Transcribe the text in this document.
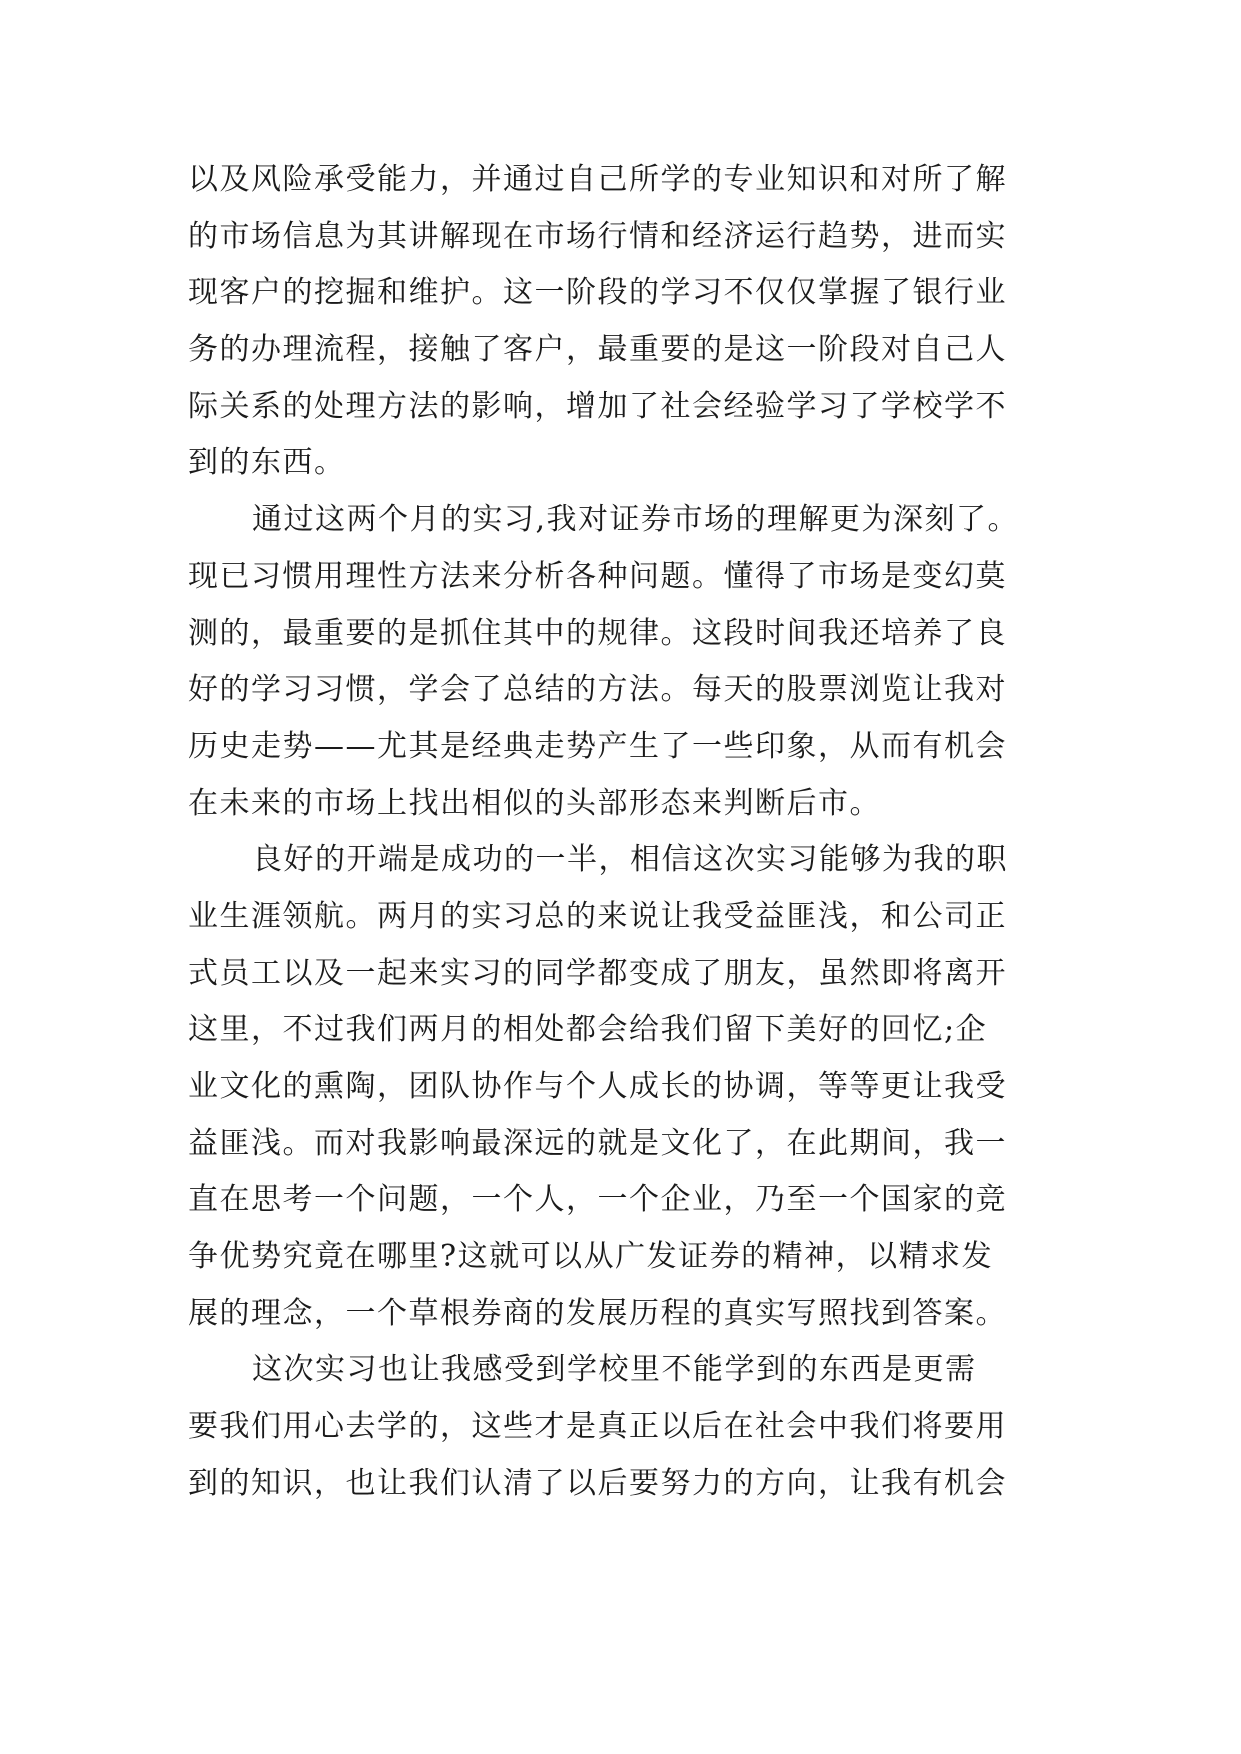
以及风险承受能力，并通过自己所学的专业知识和对所了解
的市场信息为其讲解现在市场行情和经济运行趋势，进而实
现客户的挖掘和维护。这一阶段的学习不仅仅掌握了银行业
务的办理流程，接触了客户，最重要的是这一阶段对自己人
际关系的处理方法的影响，增加了社会经验学习了学校学不
到的东西。
通过这两个月的实习,我对证券市场的理解更为深刻了。
现已习惯用理性方法来分析各种问题。懂得了市场是变幻莫
测的，最重要的是抓住其中的规律。这段时间我还培养了良
好的学习习惯，学会了总结的方法。每天的股票浏览让我对
历史走势——尤其是经典走势产生了一些印象，从而有机会
在未来的市场上找出相似的头部形态来判断后市。
良好的开端是成功的一半，相信这次实习能够为我的职
业生涯领航。两月的实习总的来说让我受益匪浅，和公司正
式员工以及一起来实习的同学都变成了朋友，虽然即将离开
这里，不过我们两月的相处都会给我们留下美好的回忆;企
业文化的熏陶，团队协作与个人成长的协调，等等更让我受
益匪浅。而对我影响最深远的就是文化了，在此期间，我一
直在思考一个问题，一个人，一个企业，乃至一个国家的竞
争优势究竟在哪里?这就可以从广发证券的精神，以精求发
展的理念，一个草根券商的发展历程的真实写照找到答案。
这次实习也让我感受到学校里不能学到的东西是更需
要我们用心去学的，这些才是真正以后在社会中我们将要用
到的知识，也让我们认清了以后要努力的方向，让我有机会
